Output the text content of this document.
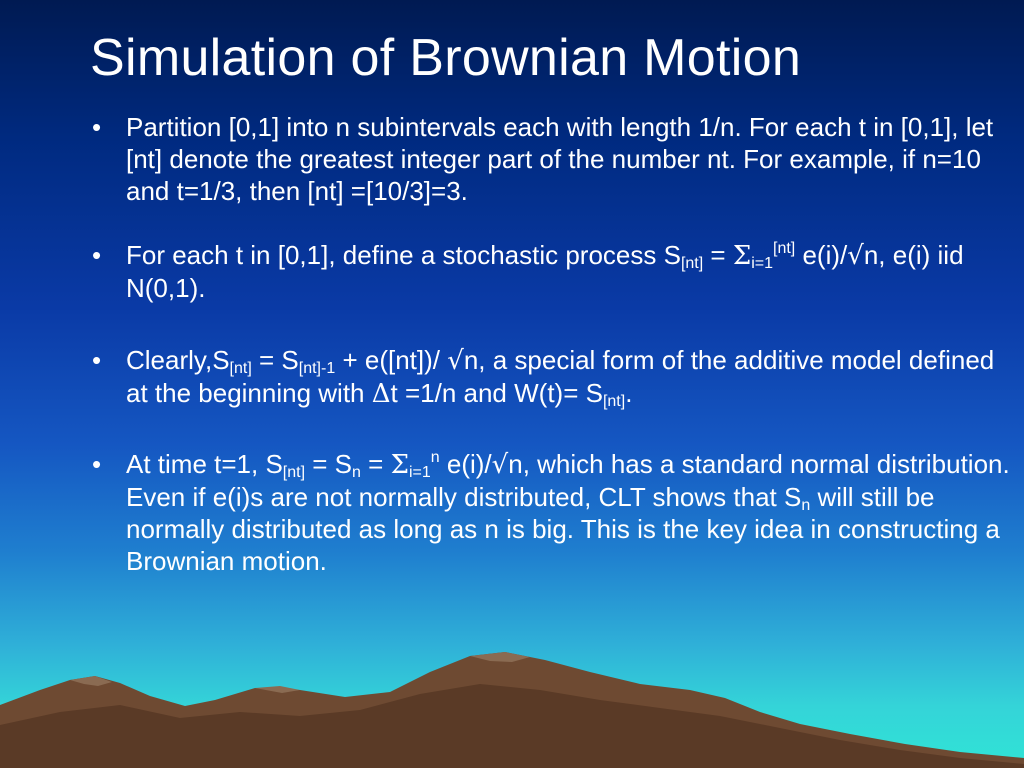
Simulation of Brownian Motion
• Partition [0,1] into n subintervals each with length 1/n. For each t in [0,1], let [nt] denote the greatest integer part of the number nt. For example, if n=10 and t=1/3, then [nt] =[10/3]=3.
• For each t in [0,1], define a stochastic process $S_{[nt]} = \Sigma_{i=1}[nt]$ e(i)/√n, e(i) iid N(0,1).
• $Clearly,S_{[nt]} = S_{[nt]-1} + e([nt])/$ √n, a special form of the additive model defined at the beginning with Δt =1/n and $W(t)= S_{[nt]}$.
• At time t=1, $S_{[nt]} = S_n = \Sigma_{i=1}^n$ e(i)/√n, which has a standard normal distribution. Even if e(i)s are not normally distributed, CLT shows that $S_n$ will still be normally distributed as long as n is big. This is the key idea in constructing a Brownian motion.
